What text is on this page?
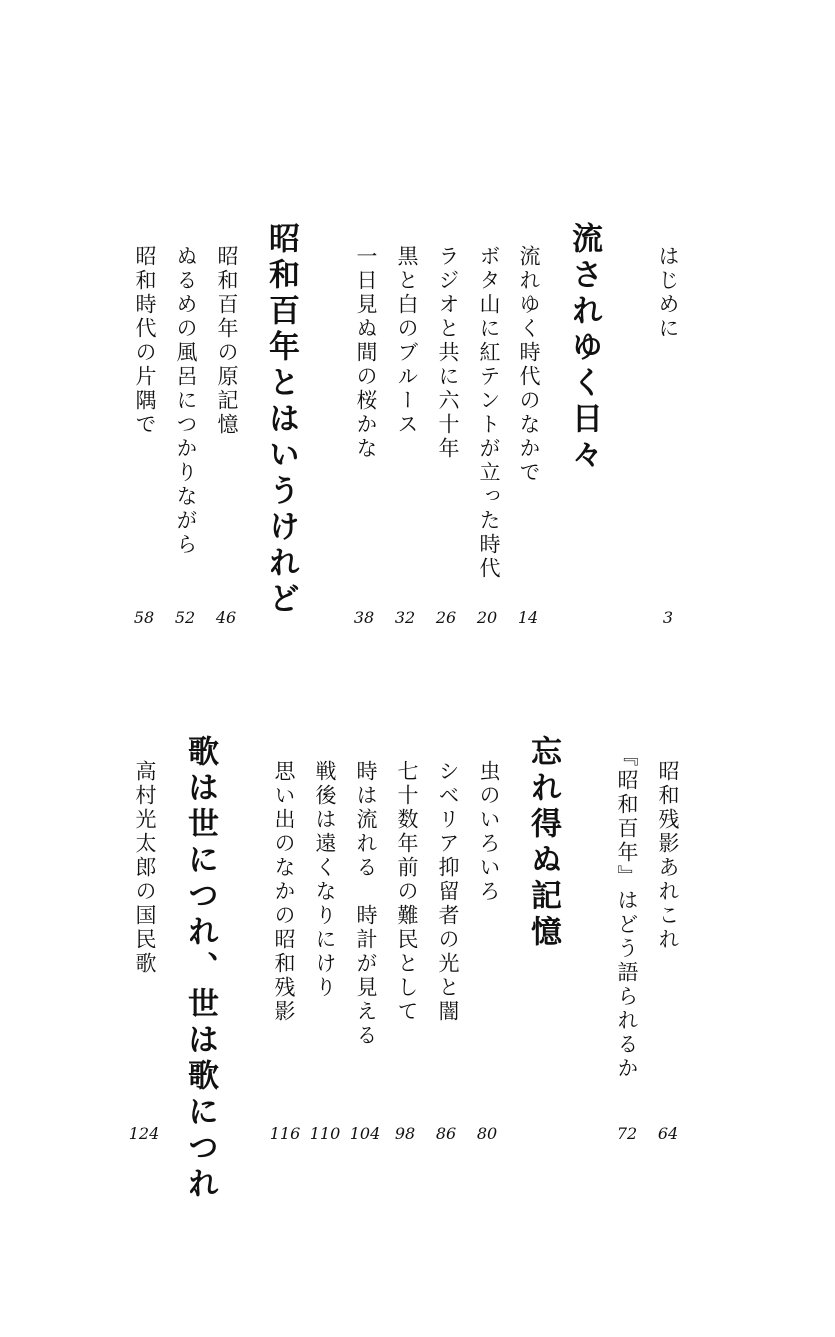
はじめに
3
流されゆく日々
流れゆく時代のなかで
14
ボタ山に紅テントが立った時代
20
ラジオと共に六十年
26
黒と白のブルース
32
一日見ぬ間の桜かな
38
昭和百年とはいうけれど
昭和百年の原記憶
46
ぬるめの風呂につかりながら
52
昭和時代の片隅で
58
昭和残影あれこれ
64
『昭和百年』はどう語られるか
72
忘れ得ぬ記憶
虫のいろいろ
80
シベリア抑留者の光と闇
86
七十数年前の難民として
98
時は流れる　時計が見える
104
戦後は遠くなりにけり
110
思い出のなかの昭和残影
116
歌は世につれ、世は歌につれ
高村光太郎の国民歌
124
